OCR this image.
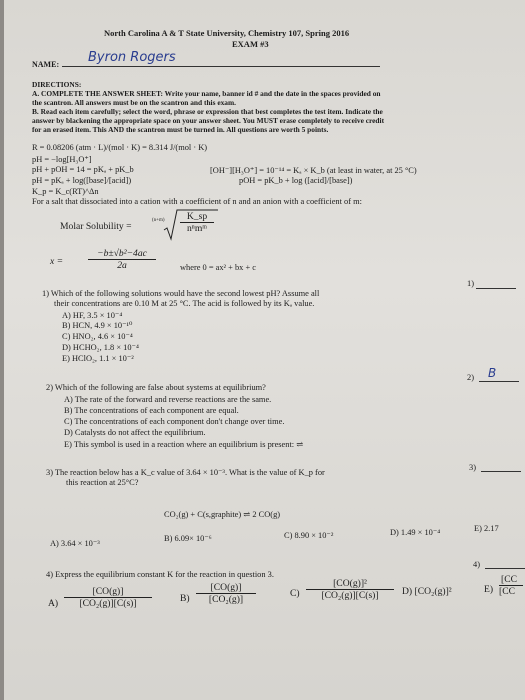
North Carolina A & T State University, Chemistry 107, Spring 2016
EXAM #3
NAME: Byron Rogers
DIRECTIONS:
A. COMPLETE THE ANSWER SHEET: Write your name, banner id # and the date in the spaces provided on
the scantron. All answers must be on the scantron and this exam.
B. Read each item carefully; select the word, phrase or expression that best completes the test item. Indicate the
answer by blackening the appropriate space on your answer sheet. You MUST erase completely to receive credit
for an erased item. This AND the scantron must be turned in. All questions are worth 5 points.
R = 0.08206 (atm · L)/(mol · K) = 8.314 J/(mol · K)
pH = −log[H₃O⁺]
pH + pOH = 14 = pKₐ + pK_b	[OH⁻][H₃O⁺] = 10⁻¹⁴ = Kₐ × K_b (at least in water, at 25 °C)
pH = pKₐ + log([base]/[acid])	pOH = pK_b + log ([acid]/[base])
K_p = K_c(RT)^Δn
For a salt that dissociated into a cation with a coefficient of n and an anion with a coefficient of m:
Molar Solubility =
(n+m)	K_sp
nⁿmᵐ
x =	$\frac{\text{−b±√b²−4ac}}{2a}$	where 0 = ax² + bx + c
1) Which of the following solutions would have the second lowest pH? Assume all
their concentrations are 0.10 M at 25 °C. The acid is followed by its Kₐ value.
1)
A) HF, 3.5 × 10⁻⁴
B) HCN, 4.9 × 10⁻¹⁰
C) HNO₂, 4.6 × 10⁻⁴
D) HCHO₂, 1.8 × 10⁻⁴
E) HClO₂, 1.1 × 10⁻²
2) Which of the following are false about systems at equilibrium?
2) B
A) The rate of the forward and reverse reactions are the same.
B) The concentrations of each component are equal.
C) The concentrations of each component don't change over time.
D) Catalysts do not affect the equilibrium.
E) This symbol is used in a reaction where an equilibrium is present: ⇌
3) The reaction below has a K_c value of 3.64 × 10⁻³. What is the value of K_p for
this reaction at 25°C?
3)
CO₂(g) + C(s,graphite) ⇌ 2 CO(g)
A) 3.64 × 10⁻³
B) 6.09× 10⁻⁶	C) 8.90 × 10⁻²	D) 1.49 × 10⁻⁴	E) 2.17
4) Express the equilibrium constant K for the reaction in question 3.
4)
$A) \frac{[CO(g)]}{\text{[CO₂(g)][C(s)]}}$	$B) \frac{[CO(g)]}{\text{[CO₂(g)]}}$	$C) \frac{\text{[CO(g)]²}}{\text{[CO₂(g)][C(s)]}} D$) [CO₂(g)]²	$E) \frac{[CC}{[CC}$
